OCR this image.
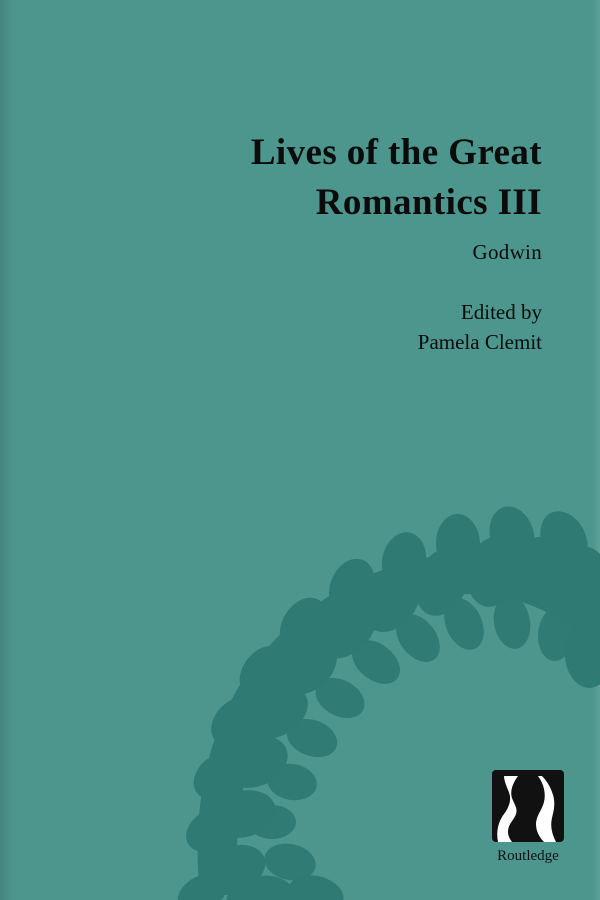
Lives of the Great
Romantics III
Godwin
Edited by
Pamela Clemit
Routledge
